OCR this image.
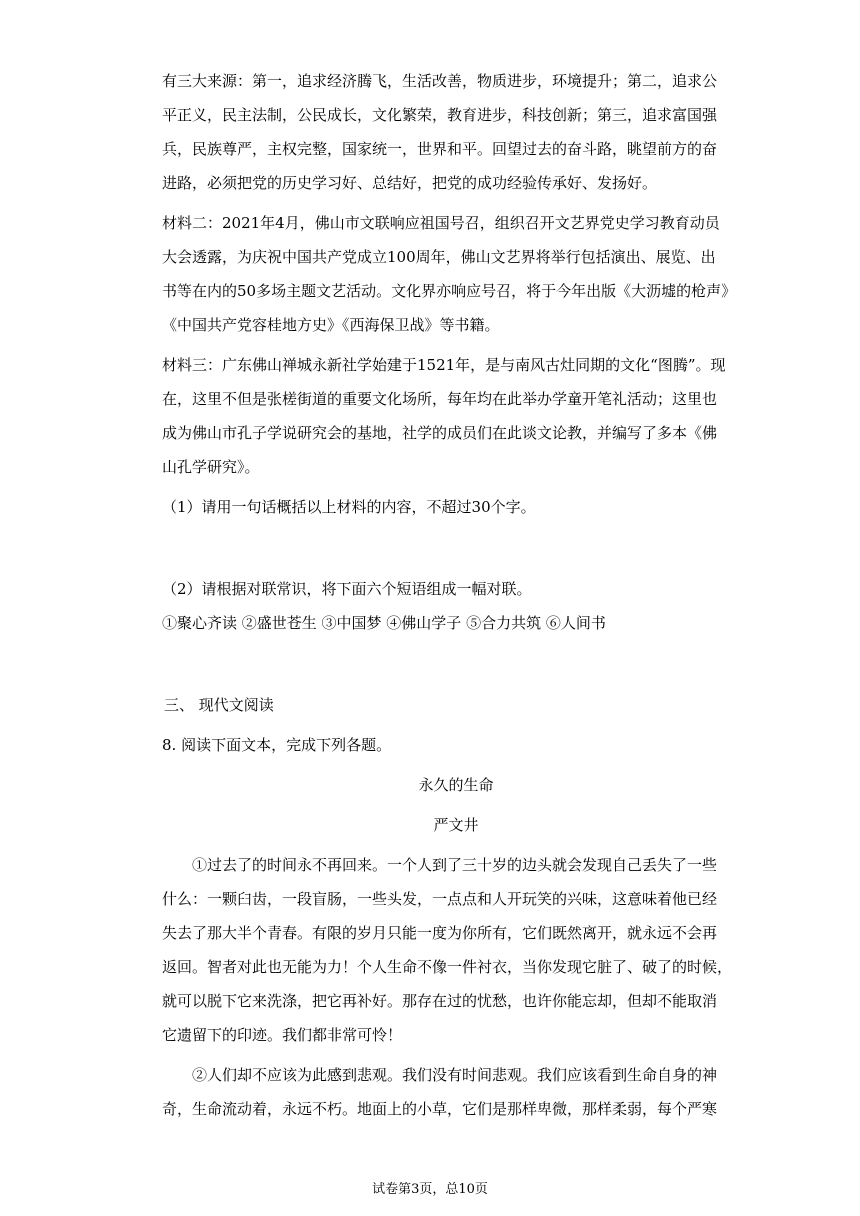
有三大来源：第一，追求经济腾飞，生活改善，物质进步，环境提升；第二，追求公
平正义，民主法制，公民成长，文化繁荣，教育进步，科技创新；第三，追求富国强
兵，民族尊严，主权完整，国家统一，世界和平。回望过去的奋斗路，眺望前方的奋
进路，必须把党的历史学习好、总结好，把党的成功经验传承好、发扬好。
材料二：2021年4月，佛山市文联响应祖国号召，组织召开文艺界党史学习教育动员
大会透露，为庆祝中国共产党成立100周年，佛山文艺界将举行包括演出、展览、出
书等在内的50多场主题文艺活动。文化界亦响应号召，将于今年出版《大沥墟的枪声》
《中国共产党容桂地方史》《西海保卫战》等书籍。
材料三：广东佛山禅城永新社学始建于1521年，是与南风古灶同期的文化“图腾”。现
在，这里不但是张槎街道的重要文化场所，每年均在此举办学童开笔礼活动；这里也
成为佛山市孔子学说研究会的基地，社学的成员们在此谈文论教，并编写了多本《佛
山孔学研究》。
（1）请用一句话概括以上材料的内容，不超过30个字。
（2）请根据对联常识，将下面六个短语组成一幅对联。
①聚心齐读 ②盛世苍生 ③中国梦 ④佛山学子 ⑤合力共筑 ⑥人间书
三、 现代文阅读
8. 阅读下面文本，完成下列各题。
永久的生命
严文井
①过去了的时间永不再回来。一个人到了三十岁的边头就会发现自己丢失了一些
什么：一颗臼齿，一段盲肠，一些头发，一点点和人开玩笑的兴味，这意味着他已经
失去了那大半个青春。有限的岁月只能一度为你所有，它们既然离开，就永远不会再
返回。智者对此也无能为力！个人生命不像一件衬衣，当你发现它脏了、破了的时候，
就可以脱下它来洗涤，把它再补好。那存在过的忧愁，也许你能忘却，但却不能取消
它遗留下的印迹。我们都非常可怜！
②人们却不应该为此感到悲观。我们没有时间悲观。我们应该看到生命自身的神
奇，生命流动着，永远不朽。地面上的小草，它们是那样卑微，那样柔弱，每个严寒
试卷第3页，总10页
